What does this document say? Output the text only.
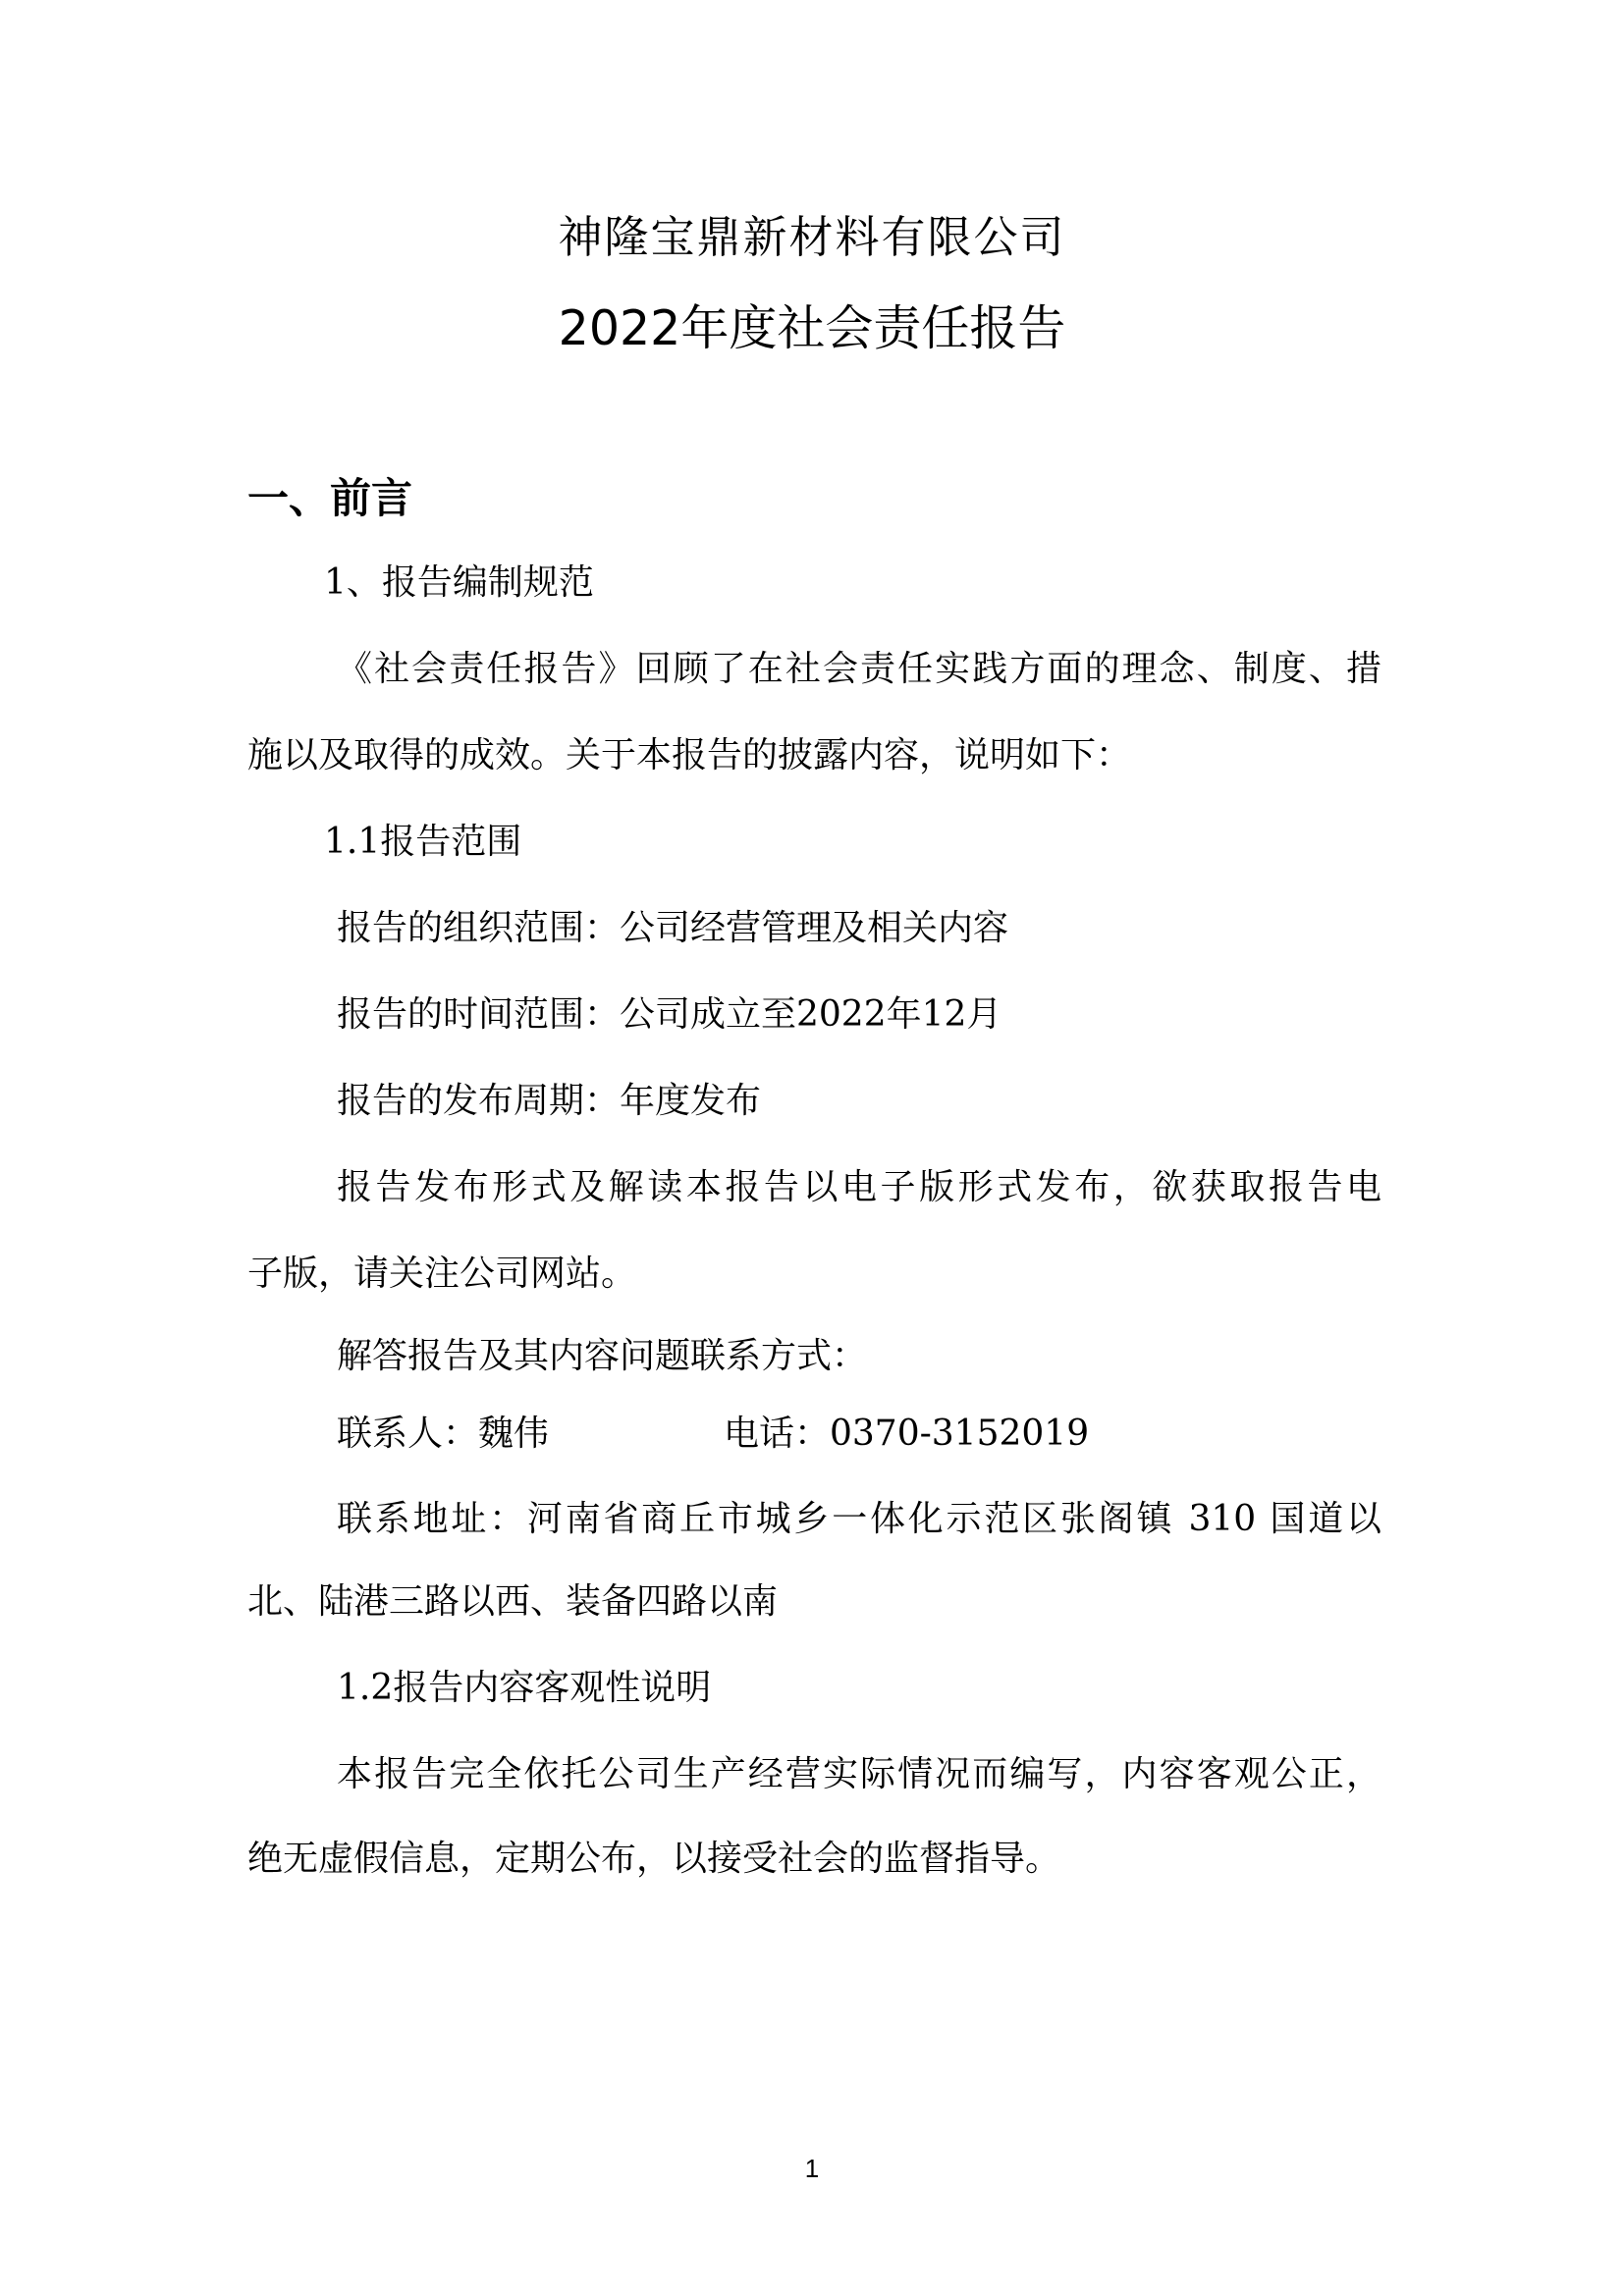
神隆宝鼎新材料有限公司
2022年度社会责任报告
一、前言
1、报告编制规范
《社会责任报告》回顾了在社会责任实践方面的理念、制度、措
施以及取得的成效。关于本报告的披露内容，说明如下：
1.1报告范围
报告的组织范围：公司经营管理及相关内容
报告的时间范围：公司成立至2022年12月
报告的发布周期：年度发布
报告发布形式及解读本报告以电子版形式发布，欲获取报告电
子版，请关注公司网站。
解答报告及其内容问题联系方式：
联系人：魏伟	电话：0370-3152019
联系地址：河南省商丘市城乡一体化示范区张阁镇 310 国道以
北、陆港三路以西、装备四路以南
1.2报告内容客观性说明
本报告完全依托公司生产经营实际情况而编写，内容客观公正，
绝无虚假信息，定期公布，以接受社会的监督指导。
1
